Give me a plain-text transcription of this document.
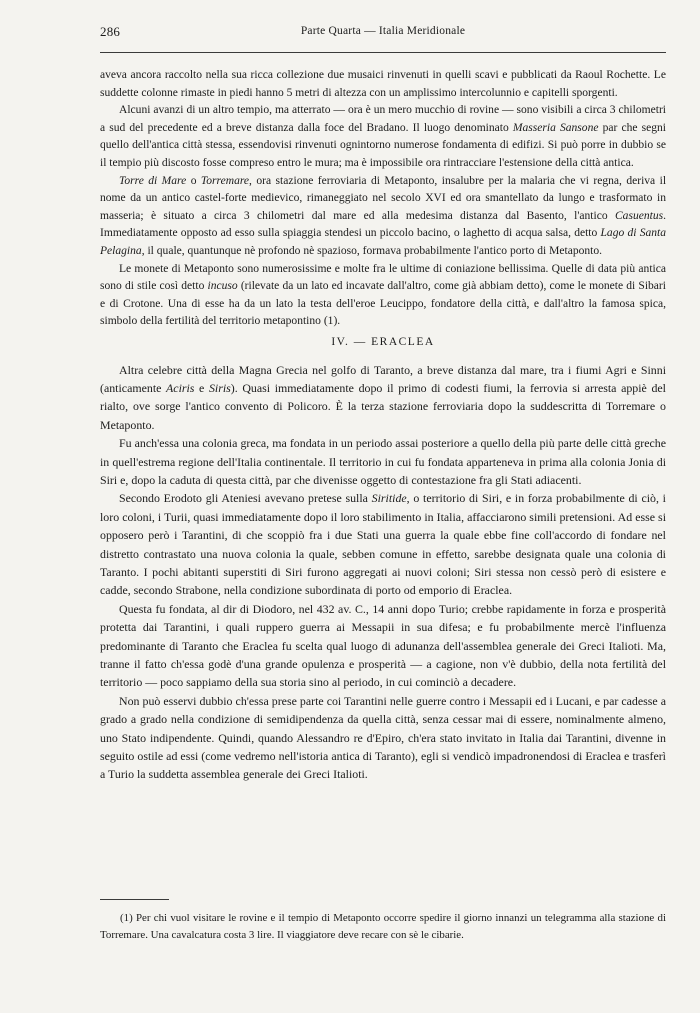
286	Parte Quarta — Italia Meridionale

aveva ancora raccolto nella sua ricca collezione due musaici rinvenuti in quelli scavi e pubblicati da Raoul Rochette. Le suddette colonne rimaste in piedi hanno 5 metri di altezza con un amplissimo intercolunnio e capitelli sporgenti.

Alcuni avanzi di un altro tempio, ma atterrato — ora è un mero mucchio di rovine — sono visibili a circa 3 chilometri a sud del precedente ed a breve distanza dalla foce del Bradano. Il luogo denominato Masseria Sansone par che segni quello dell'antica città stessa, essendovisi rinvenuti ognintorno numerose fondamenta di edifizi. Si può porre in dubbio se il tempio più discosto fosse compreso entro le mura; ma è impossibile ora rintracciare l'estensione della città antica.

Torre di Mare o Torremare, ora stazione ferroviaria di Metaponto, insalubre per la malaria che vi regna, deriva il nome da un antico castel-forte medievico, rimaneggiato nel secolo XVI ed ora smantellato da lungo e trasformato in masseria; è situato a circa 3 chilometri dal mare ed alla medesima distanza dal Basento, l'antico Casuentus. Immediatamente opposto ad esso sulla spiaggia stendesi un piccolo bacino, o laghetto di acqua salsa, detto Lago di Santa Pelagina, il quale, quantunque nè profondo nè spazioso, formava probabilmente l'antico porto di Metaponto.

Le monete di Metaponto sono numerosissime e molte fra le ultime di coniazione bellissima. Quelle di data più antica sono di stile così detto incuso (rilevate da un lato ed incavate dall'altro, come già abbiam detto), come le monete di Sibari e di Crotone. Una di esse ha da un lato la testa dell'eroe Leucippo, fondatore della città, e dall'altro la famosa spica, simbolo della fertilità del territorio metapontino (1).

IV. — ERACLEA

Altra celebre città della Magna Grecia nel golfo di Taranto, a breve distanza dal mare, tra i fiumi Agri e Sinni (anticamente Aciris e Siris). Quasi immediatamente dopo il primo di codesti fiumi, la ferrovia si arresta appiè del rialto, ove sorge l'antico convento di Policoro. È la terza stazione ferroviaria dopo la suddescritta di Torremare o Metaponto.

Fu anch'essa una colonia greca, ma fondata in un periodo assai posteriore a quello della più parte delle città greche in quell'estrema regione dell'Italia continentale. Il territorio in cui fu fondata apparteneva in prima alla colonia Jonia di Siri e, dopo la caduta di questa città, par che divenisse oggetto di contestazione fra gli Stati adiacenti.

Secondo Erodoto gli Ateniesi avevano pretese sulla Siritide, o territorio di Siri, e in forza probabilmente di ciò, i loro coloni, i Turii, quasi immediatamente dopo il loro stabilimento in Italia, affacciarono simili pretensioni. Ad esse si opposero però i Tarantini, di che scoppiò fra i due Stati una guerra la quale ebbe fine coll'accordo di fondare nel distretto contrastato una nuova colonia la quale, sebben comune in effetto, sarebbe designata quale una colonia di Taranto. I pochi abitanti superstiti di Siri furono aggregati ai nuovi coloni; Siri stessa non cessò però di esistere e cadde, secondo Strabone, nella condizione subordinata di porto od emporio di Eraclea.

Questa fu fondata, al dir di Diodoro, nel 432 av. C., 14 anni dopo Turio; crebbe rapidamente in forza e prosperità protetta dai Tarantini, i quali ruppero guerra ai Messapii in sua difesa; e fu probabilmente mercè l'influenza predominante di Taranto che Eraclea fu scelta qual luogo di adunanza dell'assemblea generale dei Greci Italioti. Ma, tranne il fatto ch'essa godè d'una grande opulenza e prosperità — a cagione, non v'è dubbio, della nota fertilità del territorio — poco sappiamo della sua storia sino al periodo, in cui cominciò a decadere.

Non può esservi dubbio ch'essa prese parte coi Tarantini nelle guerre contro i Messapii ed i Lucani, e par cadesse a grado a grado nella condizione di semidipendenza da quella città, senza cessar mai di essere, nominalmente almeno, uno Stato indipendente. Quindi, quando Alessandro re d'Epiro, ch'era stato invitato in Italia dai Tarantini, divenne in seguito ostile ad essi (come vedremo nell'istoria antica di Taranto), egli si vendicò impadronendosi di Eraclea e trasferì a Turio la suddetta assemblea generale dei Greci Italioti.

(1) Per chi vuol visitare le rovine e il tempio di Metaponto occorre spedire il giorno innanzi un telegramma alla stazione di Torremare. Una cavalcatura costa 3 lire. Il viaggiatore deve recare con sè le cibarie.
